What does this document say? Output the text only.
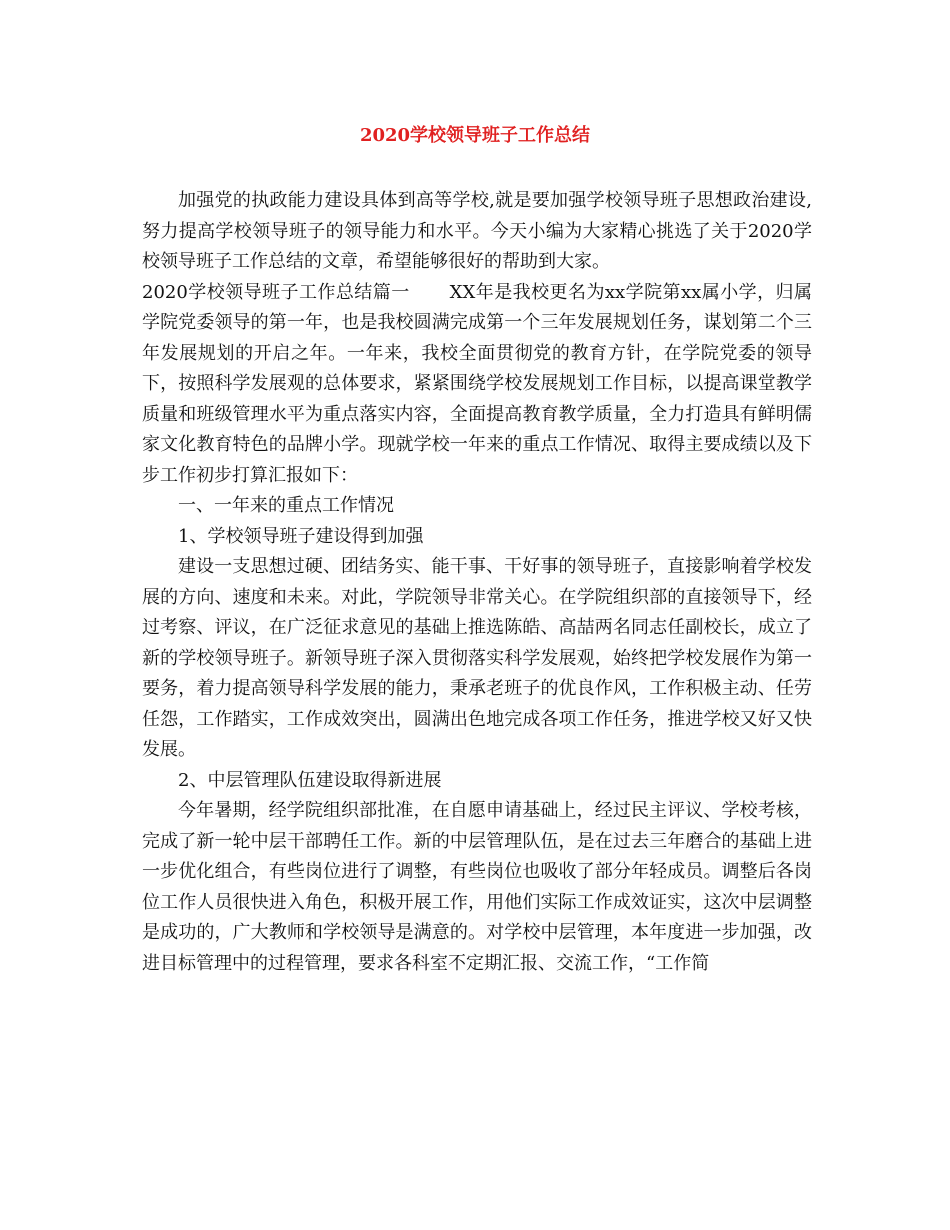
2020学校领导班子工作总结

加强党的执政能力建设具体到高等学校,就是要加强学校领导班子思想政治建设,努力提高学校领导班子的领导能力和水平。今天小编为大家精心挑选了关于2020学校领导班子工作总结的文章，希望能够很好的帮助到大家。

2020学校领导班子工作总结篇一 XX年是我校更名为xx学院第xx属小学，归属学院党委领导的第一年，也是我校圆满完成第一个三年发展规划任务，谋划第二个三年发展规划的开启之年。一年来，我校全面贯彻党的教育方针，在学院党委的领导下，按照科学发展观的总体要求，紧紧围绕学校发展规划工作目标，以提高课堂教学质量和班级管理水平为重点落实内容，全面提高教育教学质量，全力打造具有鲜明儒家文化教育特色的品牌小学。现就学校一年来的重点工作情况、取得主要成绩以及下步工作初步打算汇报如下：

一、一年来的重点工作情况

1、学校领导班子建设得到加强

建设一支思想过硬、团结务实、能干事、干好事的领导班子，直接影响着学校发展的方向、速度和未来。对此，学院领导非常关心。在学院组织部的直接领导下，经过考察、评议，在广泛征求意见的基础上推选陈皓、高喆两名同志任副校长，成立了新的学校领导班子。新领导班子深入贯彻落实科学发展观，始终把学校发展作为第一要务，着力提高领导科学发展的能力，秉承老班子的优良作风，工作积极主动、任劳任怨，工作踏实，工作成效突出，圆满出色地完成各项工作任务，推进学校又好又快发展。

2、中层管理队伍建设取得新进展

今年暑期，经学院组织部批准，在自愿申请基础上，经过民主评议、学校考核，完成了新一轮中层干部聘任工作。新的中层管理队伍，是在过去三年磨合的基础上进一步优化组合，有些岗位进行了调整，有些岗位也吸收了部分年轻成员。调整后各岗位工作人员很快进入角色，积极开展工作，用他们实际工作成效证实，这次中层调整是成功的，广大教师和学校领导是满意的。对学校中层管理，本年度进一步加强，改进目标管理中的过程管理，要求各科室不定期汇报、交流工作，“工作简
